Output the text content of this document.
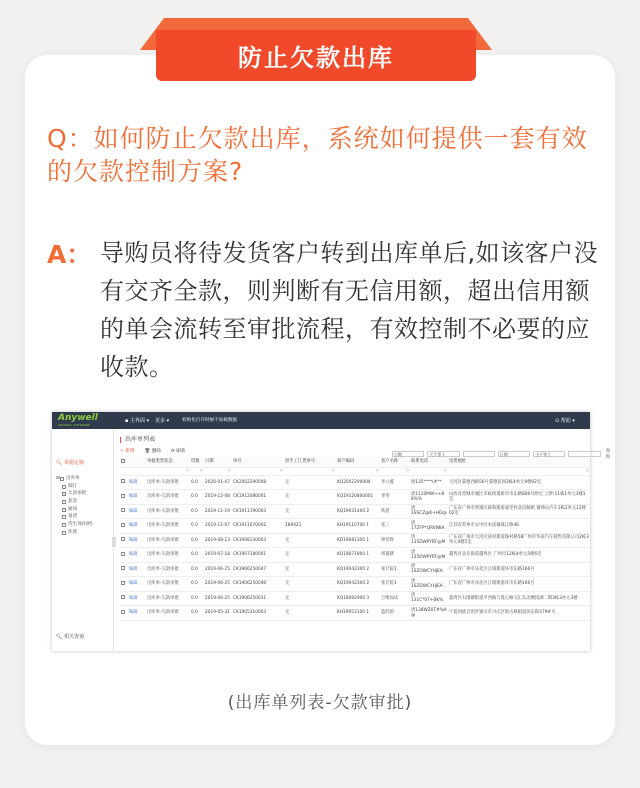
防止欠款出库
Q：如何防止欠款出库，系统如何提供一套有效的欠款控制方案?
A： 导购员将待发货客户转到出库单后,如该客户没有交齐全款，则判断有无信用额，超出信用额的单会流转至审批流程，有效控制不必要的应收款。
Anywell
ANYWELL SOFTWARE
▪ 主界面 ▾ 更多 ▾	初始化打开时候不加载数据	⊙ 帮助 ▾
🔍︎ 单据定制
⊟ 出库单
制订
欠款审批
获签
通知
备货
待生效/回档
作废
🔍︎ 相关查询
出库单列表
+ 新增 🗑 删除 ⟳ 刷新
日期	大于等于	日期	小于等于
查询
		单据类型状态	印数	日期	单号	原手工订货单号	客户编码	客户名称	联系电话	送货地址

		▽	▽	▽	▽	▽	▽	▽	▽	▽

	编辑	出库单-欠款审批	0.0	2020-01-07	CK2002290008	无	KQ2002290004	李立鑫	唐135****(#**	天河区棠德西路56号棠德花园3栋4单元9楼02室
	编辑	出库单-欠款审批	0.0	2019-12-08	CK1912080001	无	KQ19120800001	李华	唐1120MW++B 8%%	山西省晋城市城区市政街道新市市东路806号附近 云梦山1栋1单元3楼1室
	编辑	出库单-欠款审批	0.0	2019-11-19	CK1911190003	无	KQ19031400 2	铁恩	唐1SSCZ@K+HD@	广东省广州市黄埔区联和街道嘉里村北房鲸鸥 镇坤山汽车1栋2单元12楼02室
	编辑	出库单-欠款审批	0.0	2019-11-07	CK1911070002	189421	KH19110700 1	张三	唐17ZFP*QRVNKA	江苏省苏州市吴中区木渎镇珠江路46
	编辑	出库单-欠款审批	0.0	2019-08-13	CK1908130003	无	KD19081300 1	钟荣辉	唐135DWPYRT@M	广东省广州市天河区冼村街道珠村路58广州市华南汽车销售有限公司2栋3单元4楼1室
	编辑	出库单-欠款审批	0.0	2019-07-18	CK1907180001	无	KQ19071800 1	周谨耕	唐135DWPYRT@M	越秀区北京街道越秀区 广州市12栋4单元5楼6室
	编辑	出库单-欠款审批	0.0	2019-06-25	CK1906250047	无	KQ19042300 2	张计院1	唐1SZOWCYHJEA	广东省广州市从化区江埔街道环市东路166号
	编辑	出库单-欠款审批	0.0	2019-06-25	CK1906250046	无	KQ19042300 2	张计院1	唐1SZOWCYHJEA	广东省广州市从化区江埔街道环市东路166号
	编辑	出库单-欠款审批	0.0	2019-06-25	CK1906250031	无	KQ18092900 3	万维加试	唐131C*07+BK%	荔湾区石围塘街道平西路与菱心路交汇东北侧园湖二期3栋3单元3楼
	编辑	出库单-欠款审批	0.0	2019-05-31	CK1905310003	无	KH19053100 1	蓝的的	唐138WZ0T#%A @	宁夏回族自治区银川市兴庆区银古路街道滨东街479#号
(出库单列表-欠款审批)
